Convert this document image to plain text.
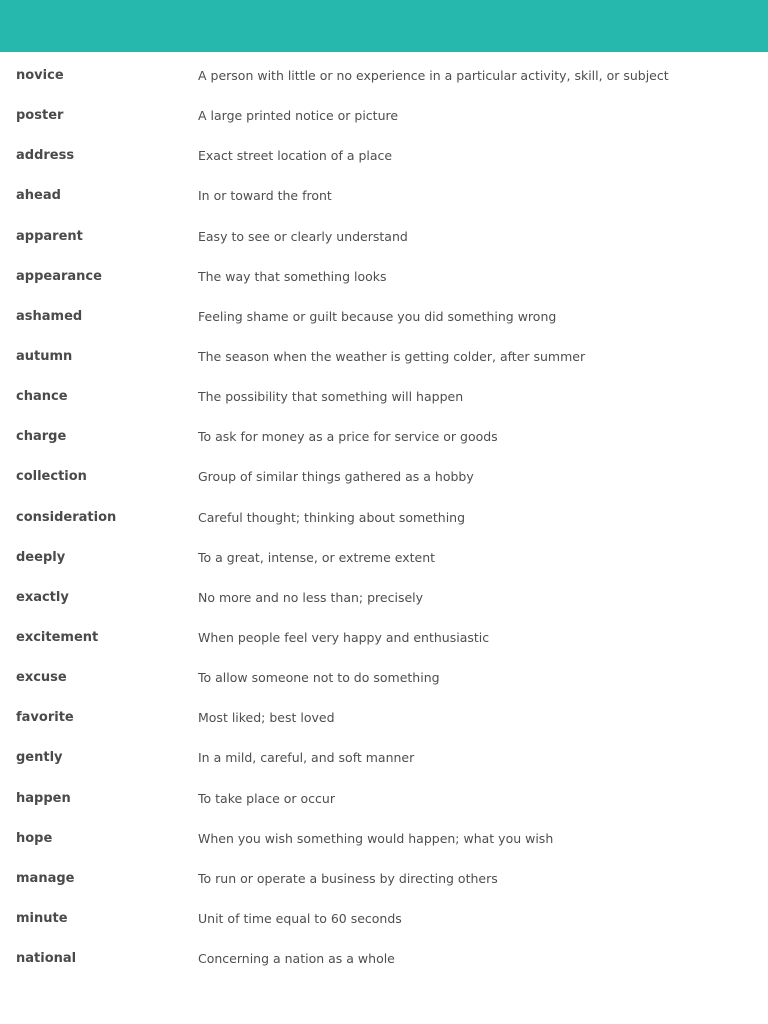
novice	A person with little or no experience in a particular activity, skill, or subject
poster	A large printed notice or picture
address	Exact street location of a place
ahead	In or toward the front
apparent	Easy to see or clearly understand
appearance	The way that something looks
ashamed	Feeling shame or guilt because you did something wrong
autumn	The season when the weather is getting colder, after summer
chance	The possibility that something will happen
charge	To ask for money as a price for service or goods
collection	Group of similar things gathered as a hobby
consideration	Careful thought; thinking about something
deeply	To a great, intense, or extreme extent
exactly	No more and no less than; precisely
excitement	When people feel very happy and enthusiastic
excuse	To allow someone not to do something
favorite	Most liked; best loved
gently	In a mild, careful, and soft manner
happen	To take place or occur
hope	When you wish something would happen; what you wish
manage	To run or operate a business by directing others
minute	Unit of time equal to 60 seconds
national	Concerning a nation as a whole
